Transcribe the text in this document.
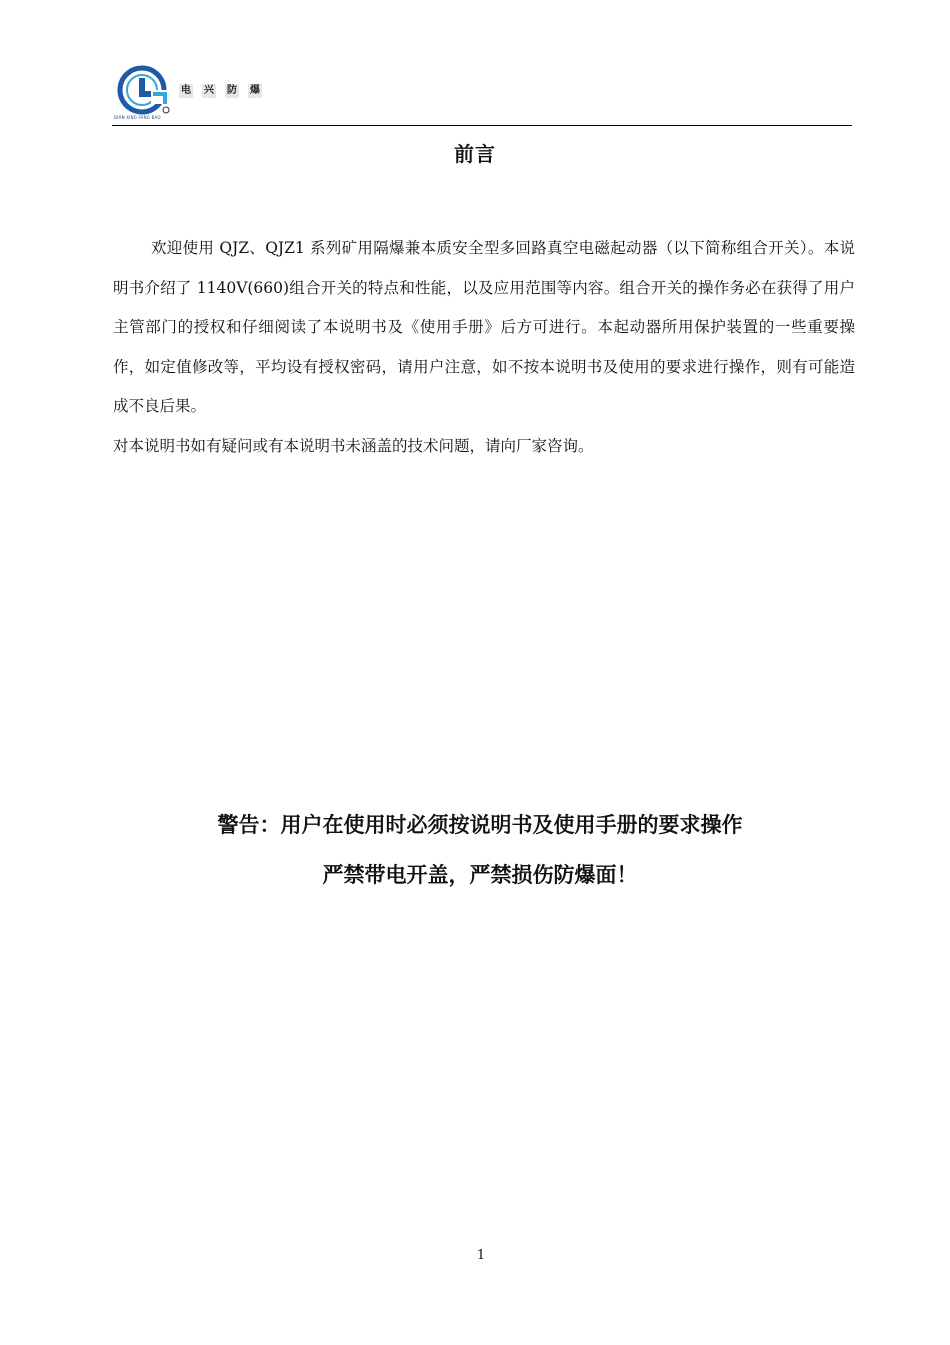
DIAN XING FANG BAO
电 兴 防 爆
前言

欢迎使用 QJZ、QJZ1 系列矿用隔爆兼本质安全型多回路真空电磁起动器（以下简称组合开关）。本说明书介绍了 1140V(660)组合开关的特点和性能，以及应用范围等内容。组合开关的操作务必在获得了用户主管部门的授权和仔细阅读了本说明书及《使用手册》后方可进行。本起动器所用保护装置的一些重要操作，如定值修改等，平均设有授权密码，请用户注意，如不按本说明书及使用的要求进行操作，则有可能造成不良后果。

对本说明书如有疑问或有本说明书未涵盖的技术问题，请向厂家咨询。

警告：用户在使用时必须按说明书及使用手册的要求操作
严禁带电开盖，严禁损伤防爆面！
1
